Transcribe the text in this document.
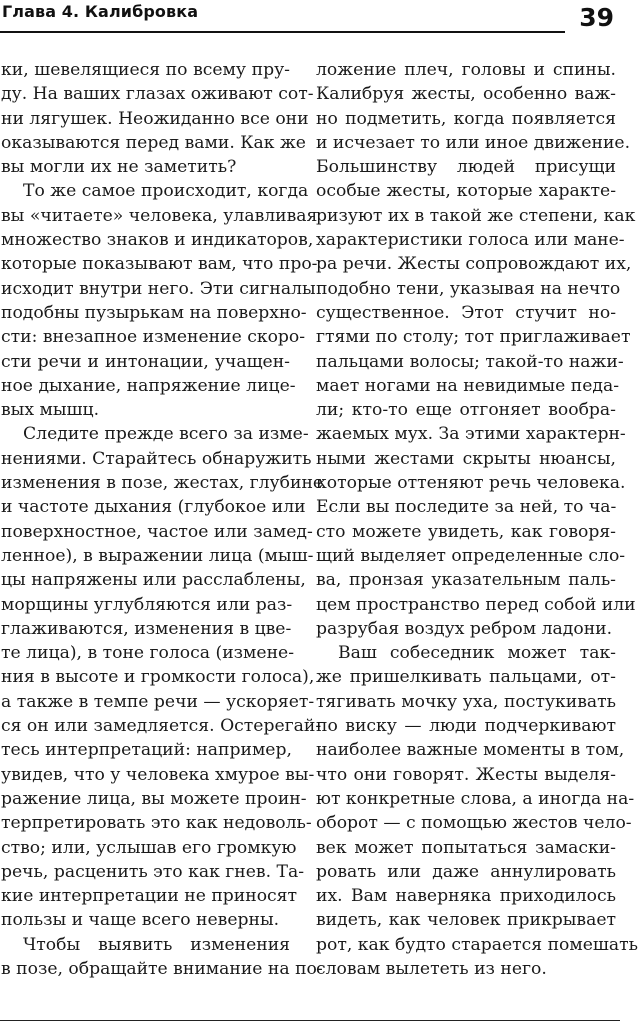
Глава 4. Калибровка	39
ки, шевелящиеся по всему пру-
ду. На ваших глазах оживают сот-
ни лягушек. Неожиданно все они
оказываются перед вами. Как же
вы могли их не заметить?
То же самое происходит, когда
вы «читаете» человека, улавливая
множество знаков и индикаторов,
которые показывают вам, что про-
исходит внутри него. Эти сигналы
подобны пузырькам на поверхно-
сти: внезапное изменение скоро-
сти речи и интонации, учащен-
ное дыхание, напряжение лице-
вых мышц.
Следите прежде всего за изме-
нениями. Старайтесь обнаружить
изменения в позе, жестах, глубине
и частоте дыхания (глубокое или
поверхностное, частое или замед-
ленное), в выражении лица (мыш-
цы напряжены или расслаблены,
морщины углубляются или раз-
глаживаются, изменения в цве-
те лица), в тоне голоса (измене-
ния в высоте и громкости голоса),
а также в темпе речи — ускоряет-
ся он или замедляется. Остерегай-
тесь интерпретаций: например,
увидев, что у человека хмурое вы-
ражение лица, вы можете проин-
терпретировать это как недоволь-
ство; или, услышав его громкую
речь, расценить это как гнев. Та-
кие интерпретации не приносят
пользы и чаще всего неверны.
Чтобы выявить изменения
в позе, обращайте внимание на по-
ложение плеч, головы и спины.
Калибруя жесты, особенно важ-
но подметить, когда появляется
и исчезает то или иное движение.
Большинству людей присущи
особые жесты, которые характе-
ризуют их в такой же степени, как
характеристики голоса или мане-
ра речи. Жесты сопровождают их,
подобно тени, указывая на нечто
существенное. Этот стучит но-
гтями по столу; тот приглаживает
пальцами волосы; такой-то нажи-
мает ногами на невидимые педа-
ли; кто-то еще отгоняет вообра-
жаемых мух. За этими характерн-
ными жестами скрыты нюансы,
которые оттеняют речь человека.
Если вы последите за ней, то ча-
сто можете увидеть, как говоря-
щий выделяет определенные сло-
ва, пронзая указательным паль-
цем пространство перед собой или
разрубая воздух ребром ладони.
Ваш собеседник может так-
же пришелкивать пальцами, от-
тягивать мочку уха, постукивать
по виску — люди подчеркивают
наиболее важные моменты в том,
что они говорят. Жесты выделя-
ют конкретные слова, а иногда на-
оборот — с помощью жестов чело-
век может попытаться замаски-
ровать или даже аннулировать
их. Вам наверняка приходилось
видеть, как человек прикрывает
рот, как будто старается помешать
словам вылететь из него.
